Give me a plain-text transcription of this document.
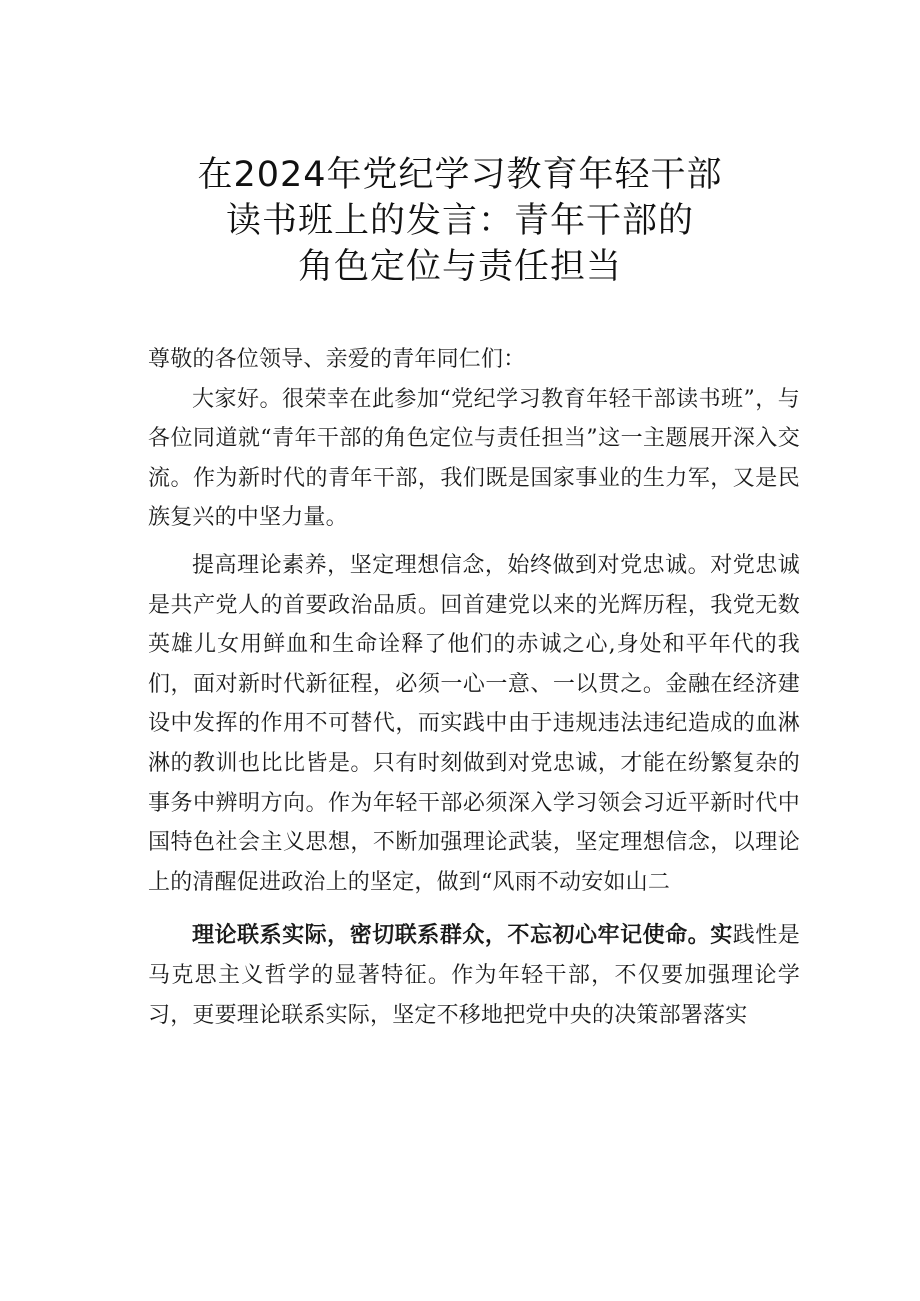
在2024年党纪学习教育年轻干部
读书班上的发言：青年干部的
角色定位与责任担当

尊敬的各位领导、亲爱的青年同仁们：

大家好。很荣幸在此参加“党纪学习教育年轻干部读书班”，与各位同道就“青年干部的角色定位与责任担当”这一主题展开深入交流。作为新时代的青年干部，我们既是国家事业的生力军，又是民族复兴的中坚力量。

提高理论素养，坚定理想信念，始终做到对党忠诚。对党忠诚是共产党人的首要政治品质。回首建党以来的光辉历程，我党无数英雄儿女用鲜血和生命诠释了他们的赤诚之心,身处和平年代的我们，面对新时代新征程，必须一心一意、一以贯之。金融在经济建设中发挥的作用不可替代，而实践中由于违规违法违纪造成的血淋淋的教训也比比皆是。只有时刻做到对党忠诚，才能在纷繁复杂的事务中辨明方向。作为年轻干部必须深入学习领会习近平新时代中国特色社会主义思想，不断加强理论武装，坚定理想信念，以理论上的清醒促进政治上的坚定，做到“风雨不动安如山二

理论联系实际，密切联系群众，不忘初心牢记使命。实践性是马克思主义哲学的显著特征。作为年轻干部，不仅要加强理论学习，更要理论联系实际，坚定不移地把党中央的决策部署落实
